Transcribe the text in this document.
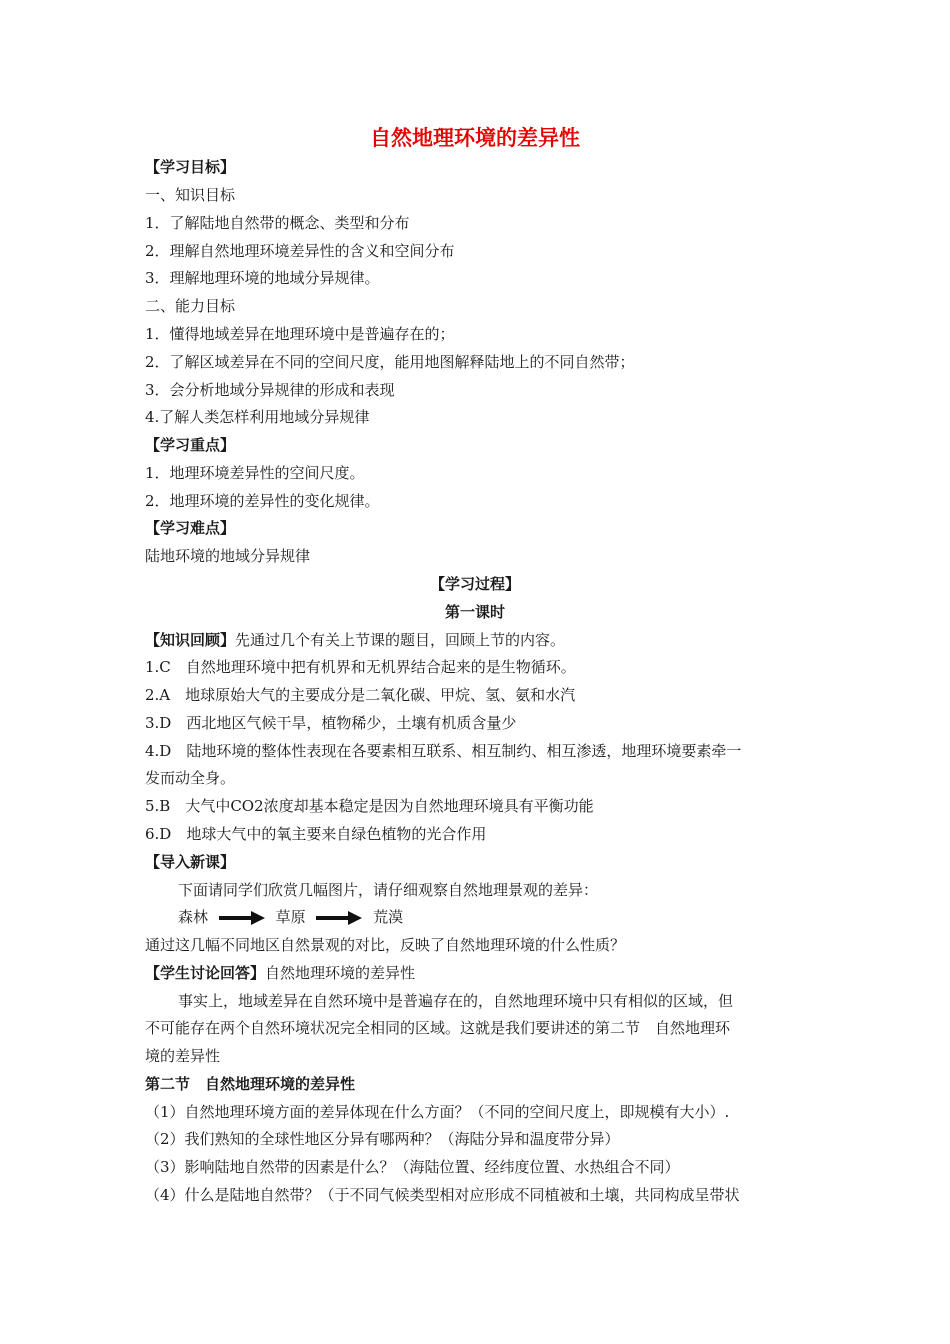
自然地理环境的差异性
【学习目标】
一、知识目标
1．了解陆地自然带的概念、类型和分布
2．理解自然地理环境差异性的含义和空间分布
3．理解地理环境的地域分异规律。
二、能力目标
1．懂得地域差异在地理环境中是普遍存在的；
2．了解区域差异在不同的空间尺度，能用地图解释陆地上的不同自然带；
3．会分析地域分异规律的形成和表现
4.了解人类怎样利用地域分异规律
【学习重点】
1．地理环境差异性的空间尺度。
2．地理环境的差异性的变化规律。
【学习难点】
陆地环境的地域分异规律
【学习过程】
第一课时
【知识回顾】先通过几个有关上节课的题目，回顾上节的内容。
1.C　自然地理环境中把有机界和无机界结合起来的是生物循环。
2.A　地球原始大气的主要成分是二氧化碳、甲烷、氢、氨和水汽
3.D　西北地区气候干旱，植物稀少，土壤有机质含量少
4.D　陆地环境的整体性表现在各要素相互联系、相互制约、相互渗透，地理环境要素牵一
发而动全身。
5.B　大气中CO2浓度却基本稳定是因为自然地理环境具有平衡功能
6.D　地球大气中的氧主要来自绿色植物的光合作用
【导入新课】
下面请同学们欣赏几幅图片，请仔细观察自然地理景观的差异：
森林	草原	荒漠
通过这几幅不同地区自然景观的对比，反映了自然地理环境的什么性质？
【学生讨论回答】自然地理环境的差异性
事实上，地域差异在自然环境中是普遍存在的，自然地理环境中只有相似的区域，但
不可能存在两个自然环境状况完全相同的区域。这就是我们要讲述的第二节　自然地理环
境的差异性
第二节　自然地理环境的差异性
（1）自然地理环境方面的差异体现在什么方面？（不同的空间尺度上，即规模有大小）.
（2）我们熟知的全球性地区分异有哪两种？（海陆分异和温度带分异）
（3）影响陆地自然带的因素是什么？（海陆位置、经纬度位置、水热组合不同）
（4）什么是陆地自然带？（于不同气候类型相对应形成不同植被和土壤，共同构成呈带状
